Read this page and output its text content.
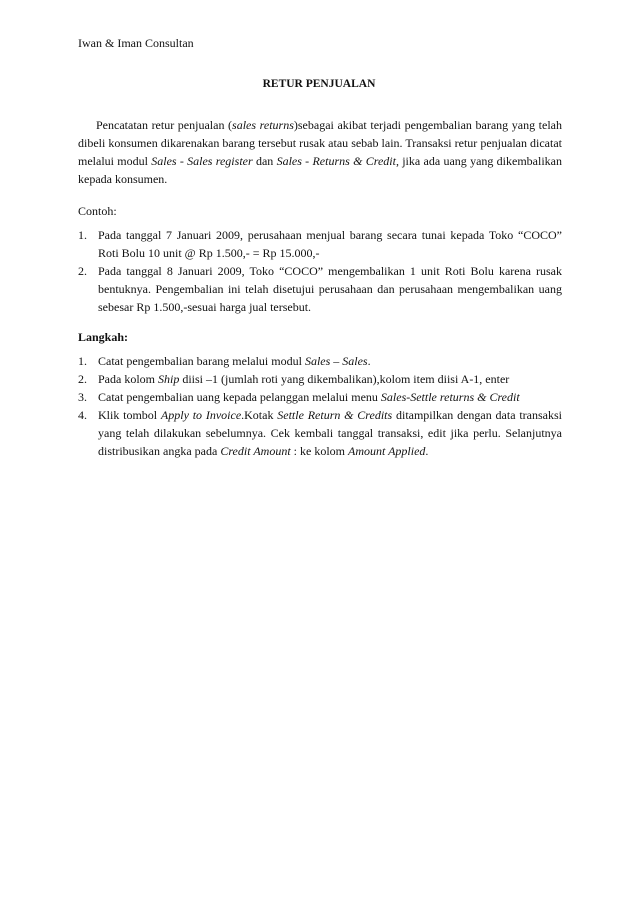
Iwan & Iman Consultan
RETUR PENJUALAN

Pencatatan retur penjualan (sales returns)sebagai akibat terjadi pengembalian barang yang telah dibeli konsumen dikarenakan barang tersebut rusak atau sebab lain. Transaksi retur penjualan dicatat melalui modul Sales - Sales register dan Sales - Returns & Credit, jika ada uang yang dikembalikan kepada konsumen.

Contoh:
1. Pada tanggal 7 Januari 2009, perusahaan menjual barang secara tunai kepada Toko “COCO” Roti Bolu 10 unit @ Rp 1.500,- = Rp 15.000,-
2. Pada tanggal 8 Januari 2009, Toko “COCO” mengembalikan 1 unit Roti Bolu karena rusak bentuknya. Pengembalian ini telah disetujui perusahaan dan perusahaan mengembalikan uang sebesar Rp 1.500,-sesuai harga jual tersebut.
Langkah:
1. Catat pengembalian barang melalui modul Sales – Sales.
2. Pada kolom Ship diisi –1 (jumlah roti yang dikembalikan),kolom item diisi A-1, enter
3. Catat pengembalian uang kepada pelanggan melalui menu Sales-Settle returns & Credit
4. Klik tombol Apply to Invoice.Kotak Settle Return & Credits ditampilkan dengan data transaksi yang telah dilakukan sebelumnya. Cek kembali tanggal transaksi, edit jika perlu. Selanjutnya distribusikan angka pada Credit Amount : ke kolom Amount Applied.
